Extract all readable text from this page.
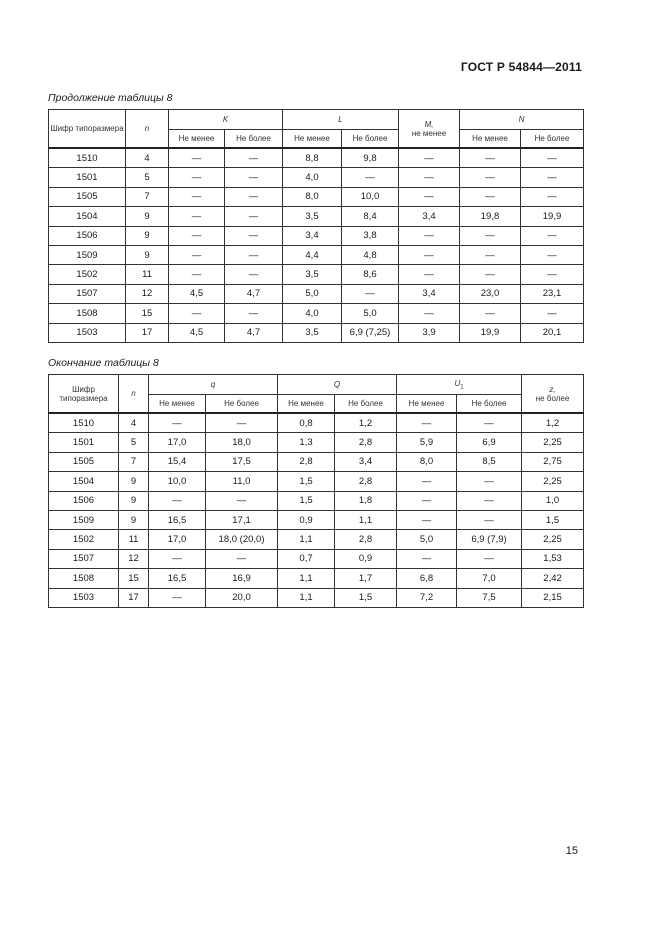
ГОСТ Р 54844—2011
Продолжение таблицы 8
Шифр типоразмера	n	K		L		M,
не менее	N	
		Не менее	Не более	Не менее	Не более		Не менее	Не более
1510	4	—	—	8,8	9,8	—	—	—
1501	5	—	—	4,0	—	—	—	—
1505	7	—	—	8,0	10,0	—	—	—
1504	9	—	—	3,5	8,4	3,4	19,8	19,9
1506	9	—	—	3,4	3,8	—	—	—
1509	9	—	—	4,4	4,8	—	—	—
1502	11	—	—	3,5	8,6	—	—	—
1507	12	4,5	4,7	5,0	—	3,4	23,0	23,1
1508	15	—	—	4,0	5,0	—	—	—
1503	17	4,5	4,7	3,5	6,9 (7,25)	3,9	19,9	20,1
Окончание таблицы 8
Шифр типоразмера	n	q		Q		$U_1$		z,
не более
		Не менее	Не более	Не менее	Не более	Не менее	Не более	
1510	4	—	—	0,8	1,2	—	—	1,2
1501	5	17,0	18,0	1,3	2,8	5,9	6,9	2,25
1505	7	15,4	17,5	2,8	3,4	8,0	8,5	2,75
1504	9	10,0	11,0	1,5	2,8	—	—	2,25
1506	9	—	—	1,5	1,8	—	—	1,0
1509	9	16,5	17,1	0,9	1,1	—	—	1,5
1502	11	17,0	18,0 (20,0)	1,1	2,8	5,0	6,9 (7,9)	2,25
1507	12	—	—	0,7	0,9	—	—	1,53
1508	15	16,5	16,9	1,1	1,7	6,8	7,0	2,42
1503	17	—	20,0	1,1	1,5	7,2	7,5	2,15
15
